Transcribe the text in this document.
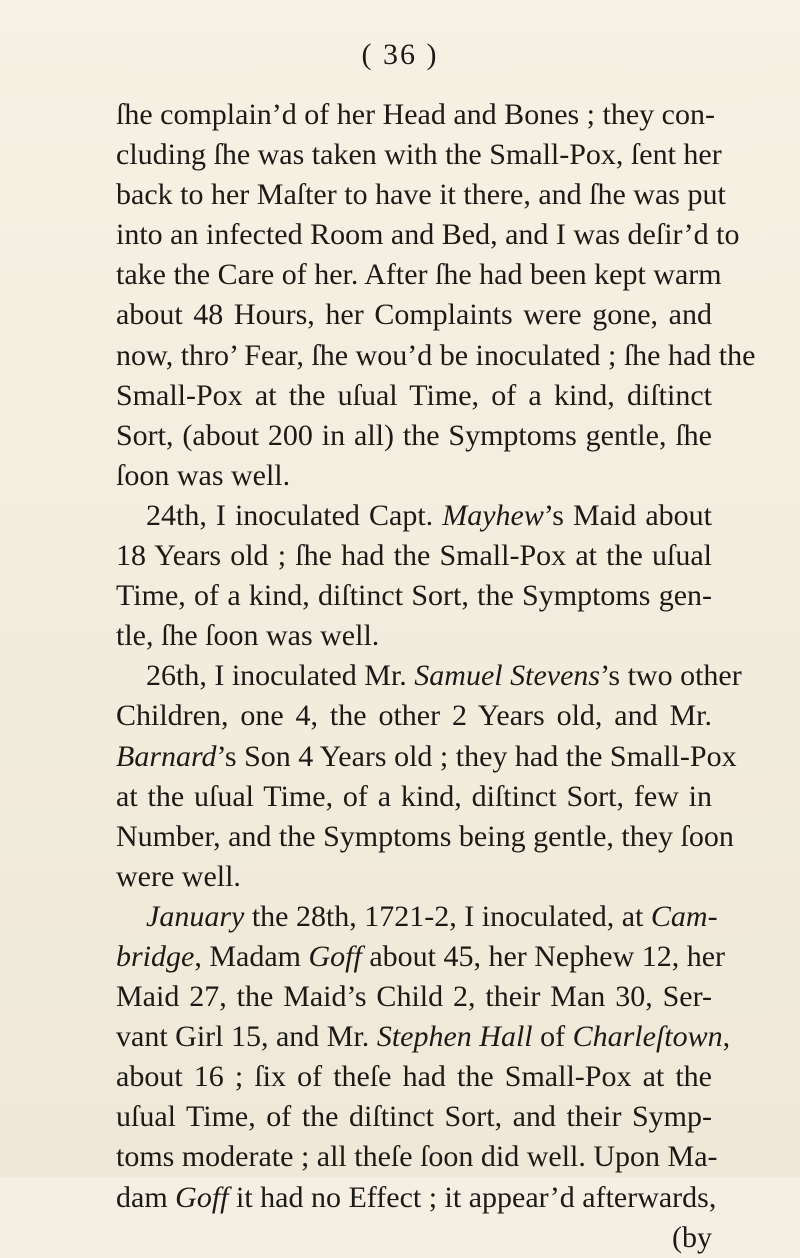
( 36 )
ſhe complain’d of her Head and Bones ; they con-
cluding ſhe was taken with the Small-Pox, ſent her
back to her Maſter to have it there, and ſhe was put
into an infected Room and Bed, and I was deſir’d to
take the Care of her. After ſhe had been kept warm
about 48 Hours, her Complaints were gone, and
now, thro’ Fear, ſhe wou’d be inoculated ; ſhe had the
Small-Pox at the uſual Time, of a kind, diſtinct
Sort, (about 200 in all) the Symptoms gentle, ſhe
ſoon was well.
24th, I inoculated Capt. Mayhew’s Maid about
18 Years old ; ſhe had the Small-Pox at the uſual
Time, of a kind, diſtinct Sort, the Symptoms gen-
tle, ſhe ſoon was well.
26th, I inoculated Mr. Samuel Stevens’s two other
Children, one 4, the other 2 Years old, and Mr.
Barnard’s Son 4 Years old ; they had the Small-Pox
at the uſual Time, of a kind, diſtinct Sort, few in
Number, and the Symptoms being gentle, they ſoon
were well.
January the 28th, 1721-2, I inoculated, at Cam-
bridge, Madam Goff about 45, her Nephew 12, her
Maid 27, the Maid’s Child 2, their Man 30, Ser-
vant Girl 15, and Mr. Stephen Hall of Charleſtown,
about 16 ; ſix of theſe had the Small-Pox at the
uſual Time, of the diſtinct Sort, and their Symp-
toms moderate ; all theſe ſoon did well. Upon Ma-
dam Goff it had no Effect ; it appear’d afterwards,
(by
